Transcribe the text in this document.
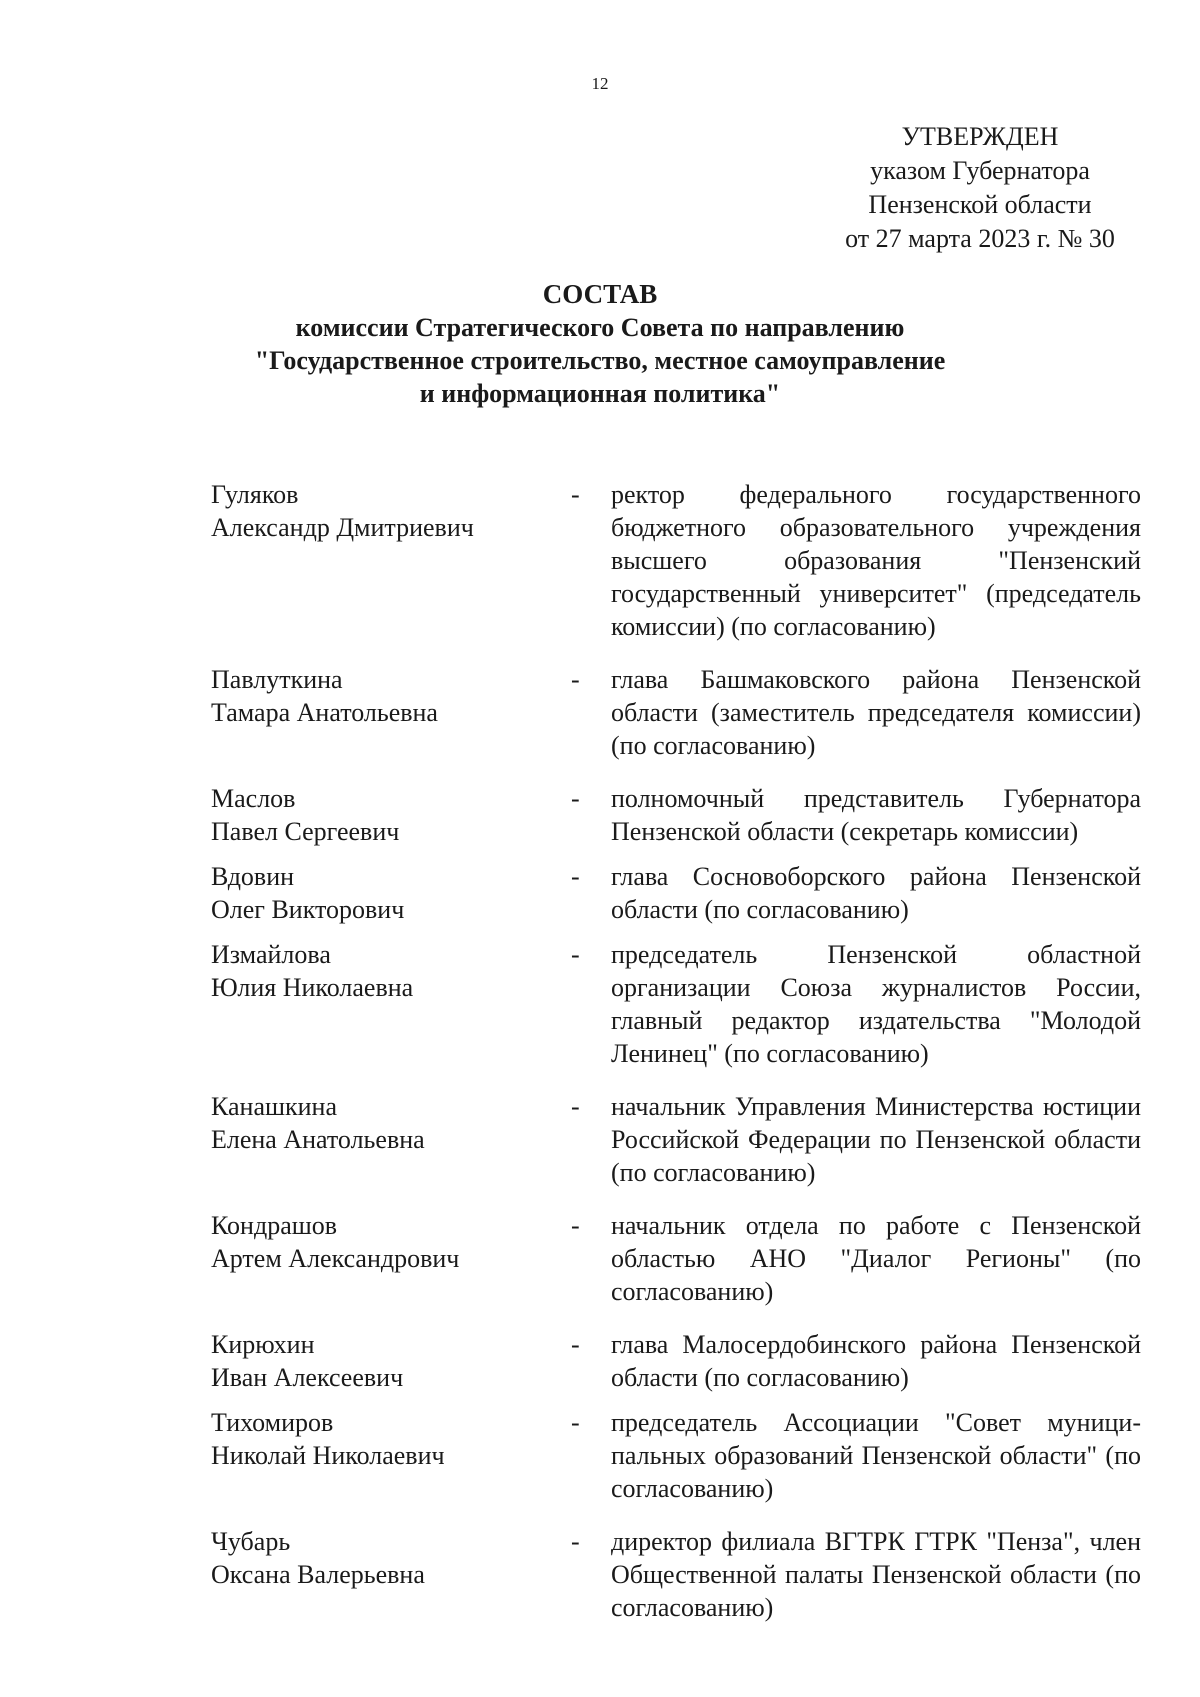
12
УТВЕРЖДЕН
указом Губернатора
Пензенской области
от 27 марта 2023 г. № 30
СОСТАВ
комиссии Стратегического Совета по направлению
"Государственное строительство, местное самоуправление
и информационная политика"
Гуляков
Александр Дмитриевич
-	ректор федерального государственного бюджетного образовательного учреждения высшего образования "Пензенский государственный университет" (председатель комиссии) (по согласованию)
Павлуткина
Тамара Анатольевна
-	глава Башмаковского района Пензенской области (заместитель председателя комиссии) (по согласованию)
Маслов
Павел Сергеевич
-	полномочный представитель Губернатора Пензенской области (секретарь комиссии)
Вдовин
Олег Викторович
-	глава Сосновоборского района Пензенской области (по согласованию)
Измайлова
Юлия Николаевна
-	председатель Пензенской областной организации Союза журналистов России, главный редактор издательства "Молодой Ленинец" (по согласованию)
Канашкина
Елена Анатольевна
-	начальник Управления Министерства юстиции Российской Федерации по Пензенской области (по согласованию)
Кондрашов
Артем Александрович
-	начальник отдела по работе с Пензенской областью АНО "Диалог Регионы" (по согласованию)
Кирюхин
Иван Алексеевич
-	глава Малосердобинского района Пензенской области (по согласованию)
Тихомиров
Николай Николаевич
-	председатель Ассоциации "Совет муници-пальных образований Пензенской области" (по согласованию)
Чубарь
Оксана Валерьевна
-	директор филиала ВГТРК ГТРК "Пенза", член Общественной палаты Пензенской области (по согласованию)
